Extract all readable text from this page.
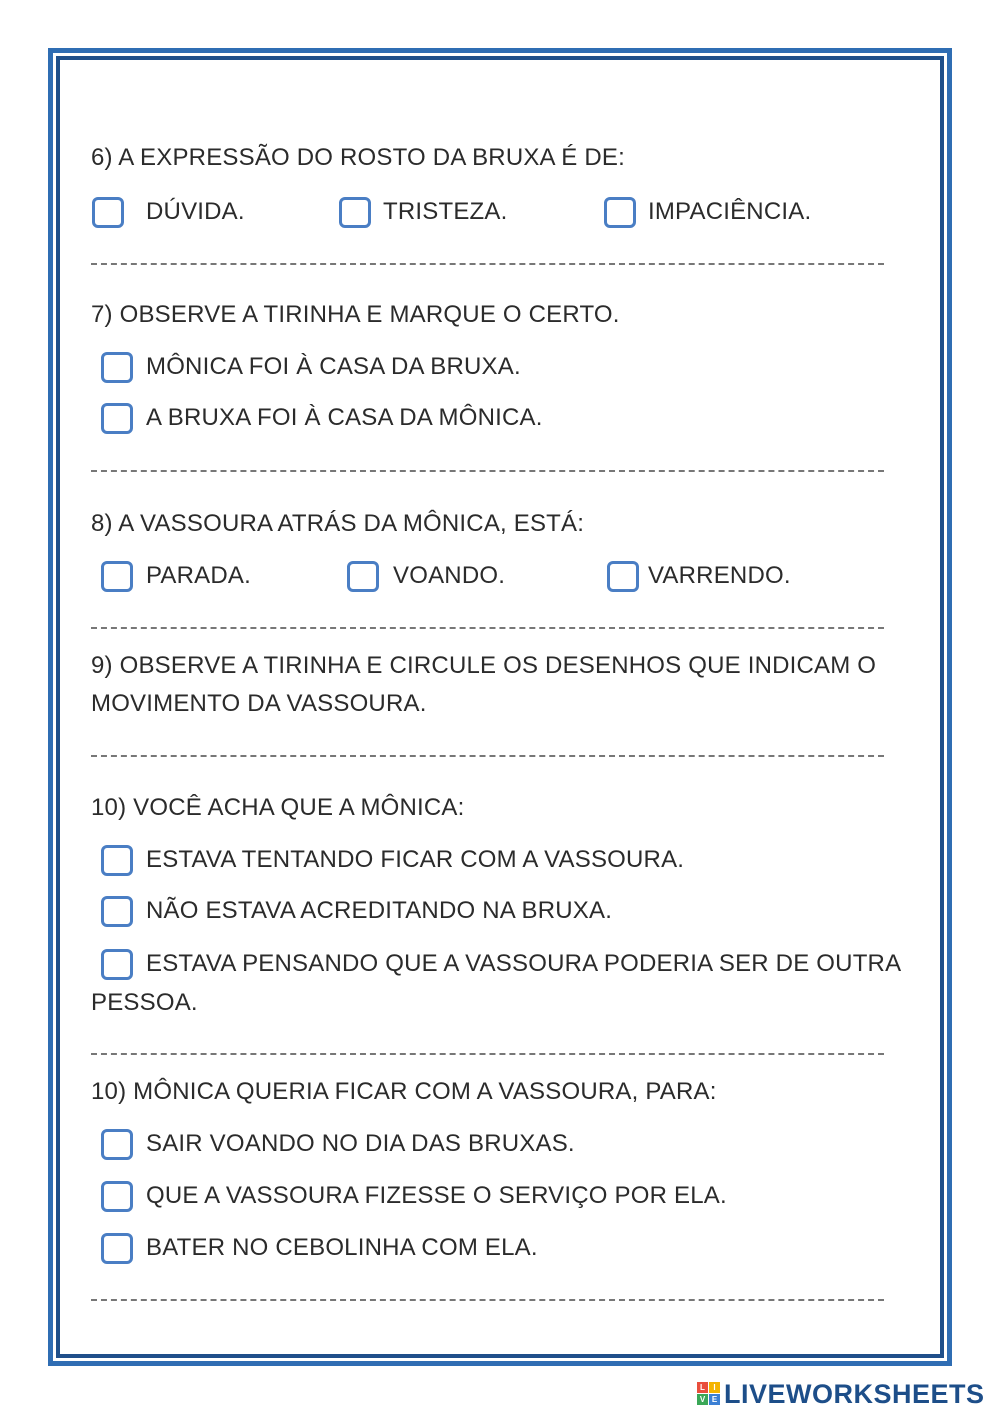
6) A EXPRESSÃO DO ROSTO DA BRUXA É DE:
DÚVIDA.	TRISTEZA.	IMPACIÊNCIA.
7) OBSERVE A TIRINHA E MARQUE O CERTO.
MÔNICA FOI À CASA DA BRUXA.
A BRUXA FOI À CASA DA MÔNICA.
8) A VASSOURA ATRÁS DA MÔNICA, ESTÁ:
PARADA.	VOANDO.	VARRENDO.
9) OBSERVE A TIRINHA E CIRCULE OS DESENHOS QUE INDICAM O
MOVIMENTO DA VASSOURA.
10) VOCÊ ACHA QUE A MÔNICA:
ESTAVA TENTANDO FICAR COM A VASSOURA.
NÃO ESTAVA ACREDITANDO NA BRUXA.
ESTAVA PENSANDO QUE A VASSOURA PODERIA SER DE OUTRA
PESSOA.
10) MÔNICA QUERIA FICAR COM A VASSOURA, PARA:
SAIR VOANDO NO DIA DAS BRUXAS.
QUE A VASSOURA FIZESSE O SERVIÇO POR ELA.
BATER NO CEBOLINHA COM ELA.
L	I
V E LIVEWORKSHEETS
